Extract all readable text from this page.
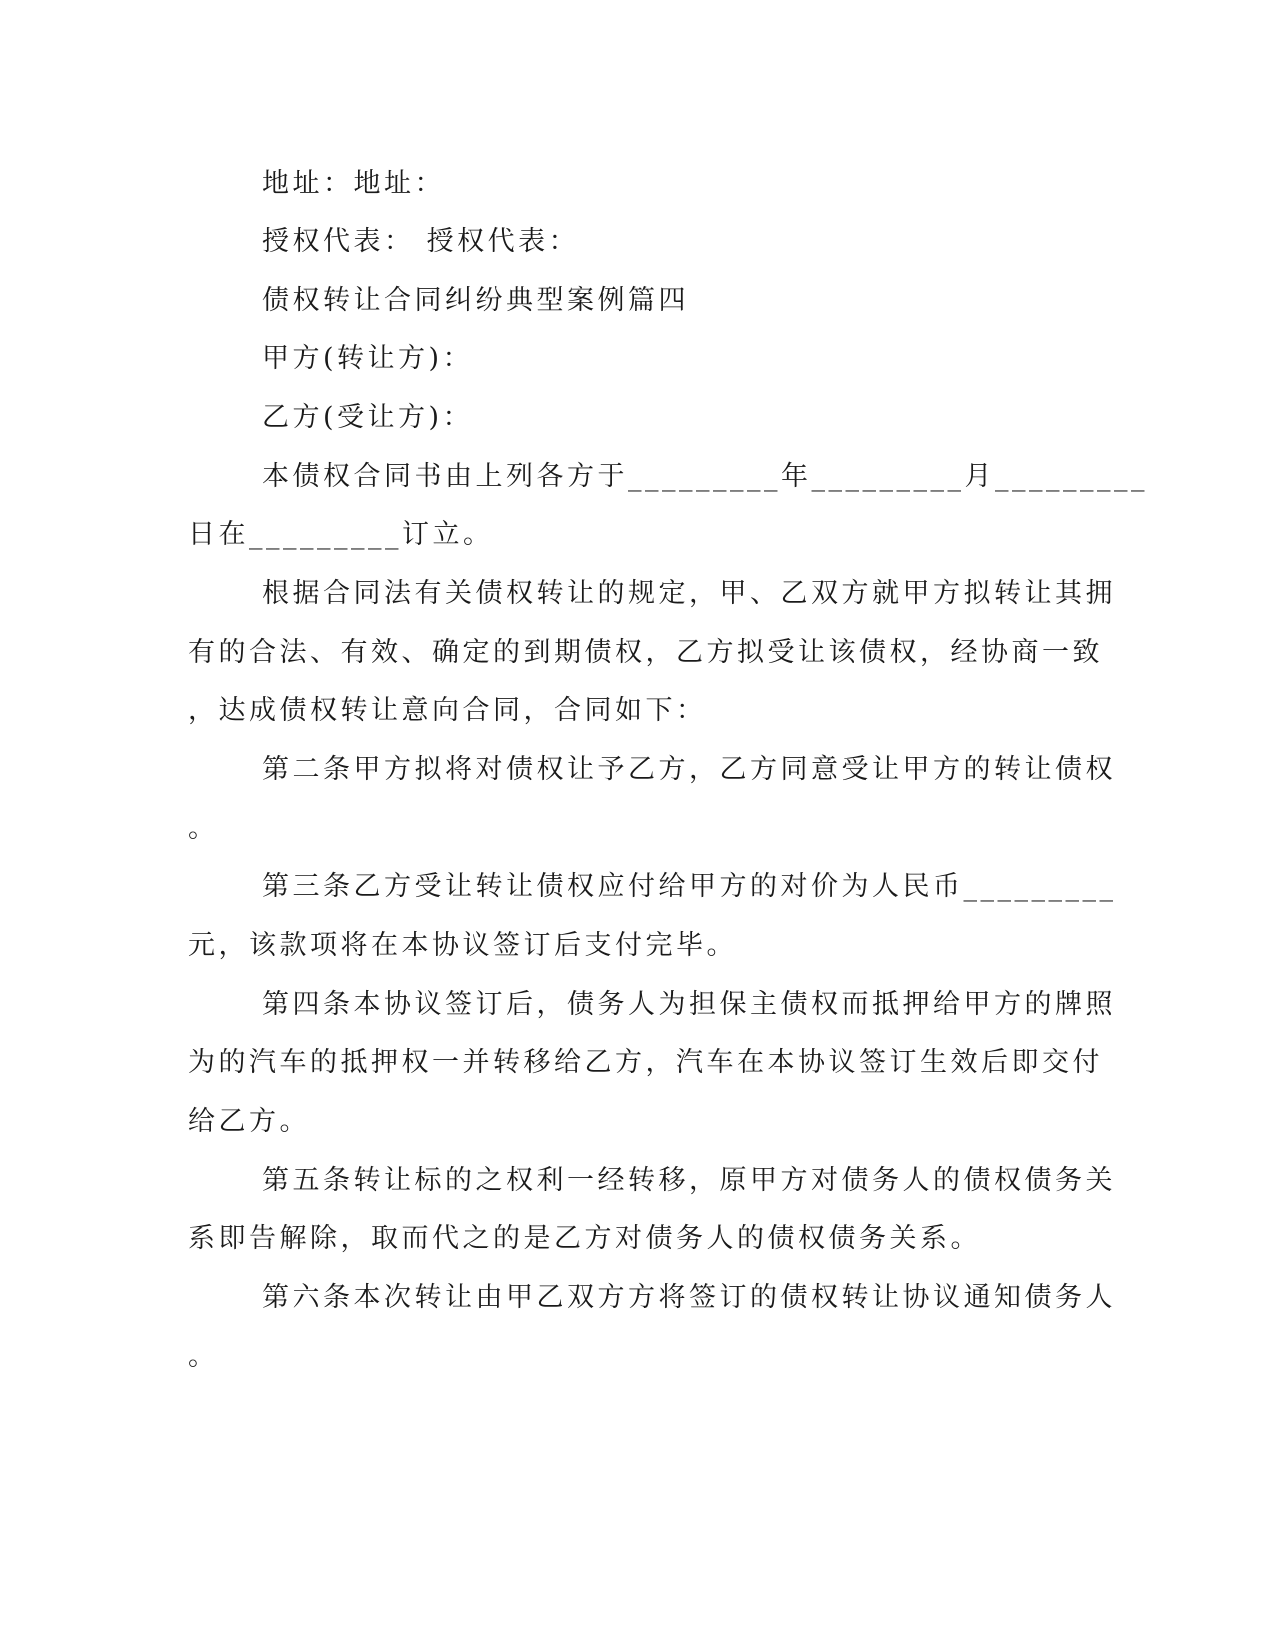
地址：地址：
授权代表： 授权代表：
债权转让合同纠纷典型案例篇四
甲方(转让方)：
乙方(受让方)：
本债权合同书由上列各方于_________年_________月_________
日在_________订立。
根据合同法有关债权转让的规定，甲、乙双方就甲方拟转让其拥
有的合法、有效、确定的到期债权，乙方拟受让该债权，经协商一致
，达成债权转让意向合同，合同如下：
第二条甲方拟将对债权让予乙方，乙方同意受让甲方的转让债权
。
第三条乙方受让转让债权应付给甲方的对价为人民币_________
元，该款项将在本协议签订后支付完毕。
第四条本协议签订后，债务人为担保主债权而抵押给甲方的牌照
为的汽车的抵押权一并转移给乙方，汽车在本协议签订生效后即交付
给乙方。
第五条转让标的之权利一经转移，原甲方对债务人的债权债务关
系即告解除，取而代之的是乙方对债务人的债权债务关系。
第六条本次转让由甲乙双方方将签订的债权转让协议通知债务人
。
